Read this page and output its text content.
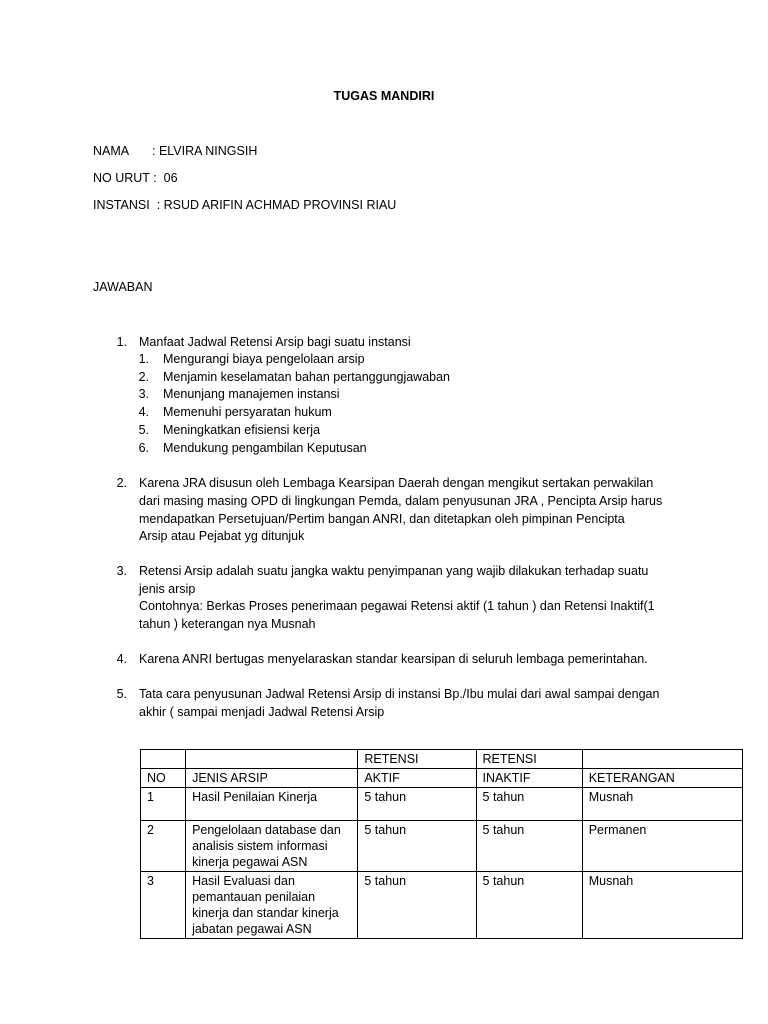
TUGAS MANDIRI
NAMA : ELVIRA NINGSIH
NO URUT : 06
INSTANSI : RSUD ARIFIN ACHMAD PROVINSI RIAU
JAWABAN
1. Manfaat Jadwal Retensi Arsip bagi suatu instansi
1. Mengurangi biaya pengelolaan arsip
2. Menjamin keselamatan bahan pertanggungjawaban
3. Menunjang manajemen instansi
4. Memenuhi persyaratan hukum
5. Meningkatkan efisiensi kerja
6. Mendukung pengambilan Keputusan
2. Karena JRA disusun oleh Lembaga Kearsipan Daerah dengan mengikut sertakan perwakilan
dari masing masing OPD di lingkungan Pemda, dalam penyusunan JRA , Pencipta Arsip harus
mendapatkan Persetujuan/Pertim bangan ANRI, dan ditetapkan oleh pimpinan Pencipta
Arsip atau Pejabat yg ditunjuk
3. Retensi Arsip adalah suatu jangka waktu penyimpanan yang wajib dilakukan terhadap suatu
jenis arsip
Contohnya: Berkas Proses penerimaan pegawai Retensi aktif (1 tahun ) dan Retensi Inaktif(1
tahun ) keterangan nya Musnah
4. Karena ANRI bertugas menyelaraskan standar kearsipan di seluruh lembaga pemerintahan.
5. Tata cara penyusunan Jadwal Retensi Arsip di instansi Bp./Ibu mulai dari awal sampai dengan
akhir ( sampai menjadi Jadwal Retensi Arsip
		RETENSI	RETENSI	
NO	JENIS ARSIP	AKTIF	INAKTIF	KETERANGAN
1	Hasil Penilaian Kinerja	5 tahun	5 tahun	Musnah
2	Pengelolaan database dan analisis sistem informasi kinerja pegawai ASN	5 tahun	5 tahun	Permanen
3	Hasil Evaluasi dan pemantauan penilaian kinerja dan standar kinerja jabatan pegawai ASN	5 tahun	5 tahun	Musnah
